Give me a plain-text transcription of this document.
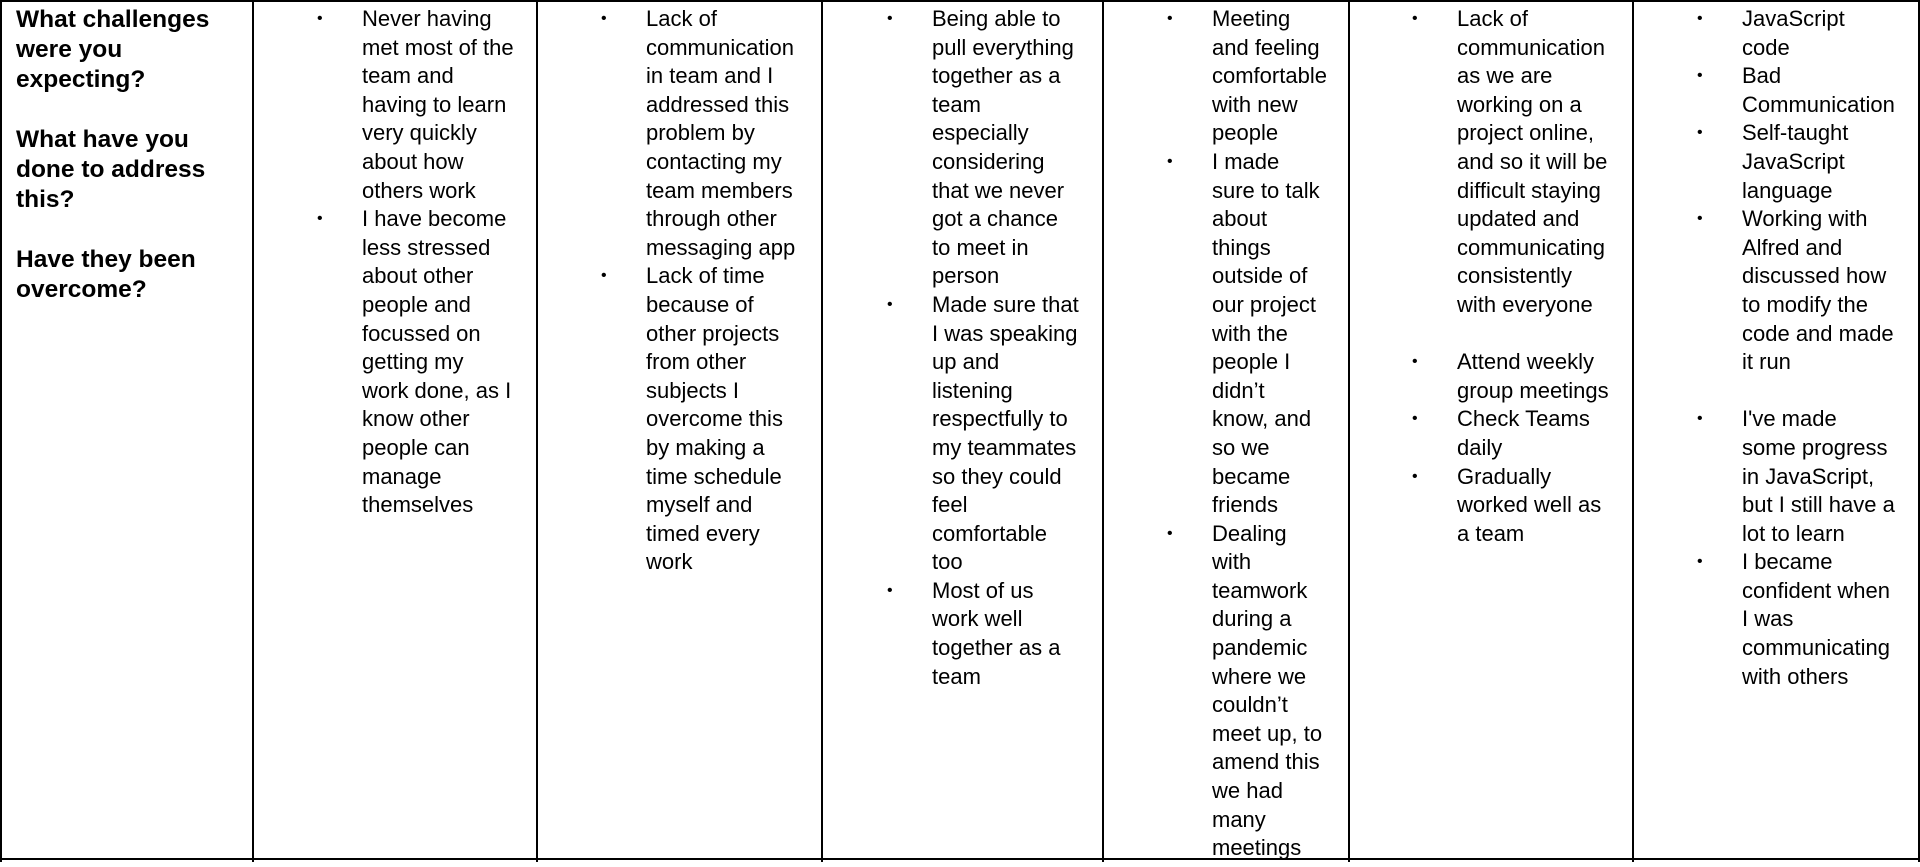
What challenges
were you
expecting?
What have you
done to address
this?
Have they been
overcome?
• Never having
met most of the
team and
having to learn
very quickly
about how
others work
• I have become
less stressed
about other
people and
focussed on
getting my
work done, as I
know other
people can
manage
themselves
• Lack of
communication
in team and I
addressed this
problem by
contacting my
team members
through other
messaging app
• Lack of time
because of
other projects
from other
subjects I
overcome this
by making a
time schedule
myself and
timed every
work
• Being able to
pull everything
together as a
team
especially
considering
that we never
got a chance
to meet in
person
• Made sure that
I was speaking
up and
listening
respectfully to
my teammates
so they could
feel
comfortable
too
• Most of us
work well
together as a
team
• Meeting
and feeling
comfortable
with new
people
• I made
sure to talk
about
things
outside of
our project
with the
people I
didn’t
know, and
so we
became
friends
• Dealing
with
teamwork
during a
pandemic
where we
couldn’t
meet up, to
amend this
we had
many
meetings
• Lack of
communication
as we are
working on a
project online,
and so it will be
difficult staying
updated and
communicating
consistently
with everyone
• Attend weekly
group meetings
• Check Teams
daily
• Gradually
worked well as
a team
• JavaScript
code
• Bad
Communication
• Self-taught
JavaScript
language
• Working with
Alfred and
discussed how
to modify the
code and made
it run
• I've made
some progress
in JavaScript,
but I still have a
lot to learn
• I became
confident when
I was
communicating
with others
